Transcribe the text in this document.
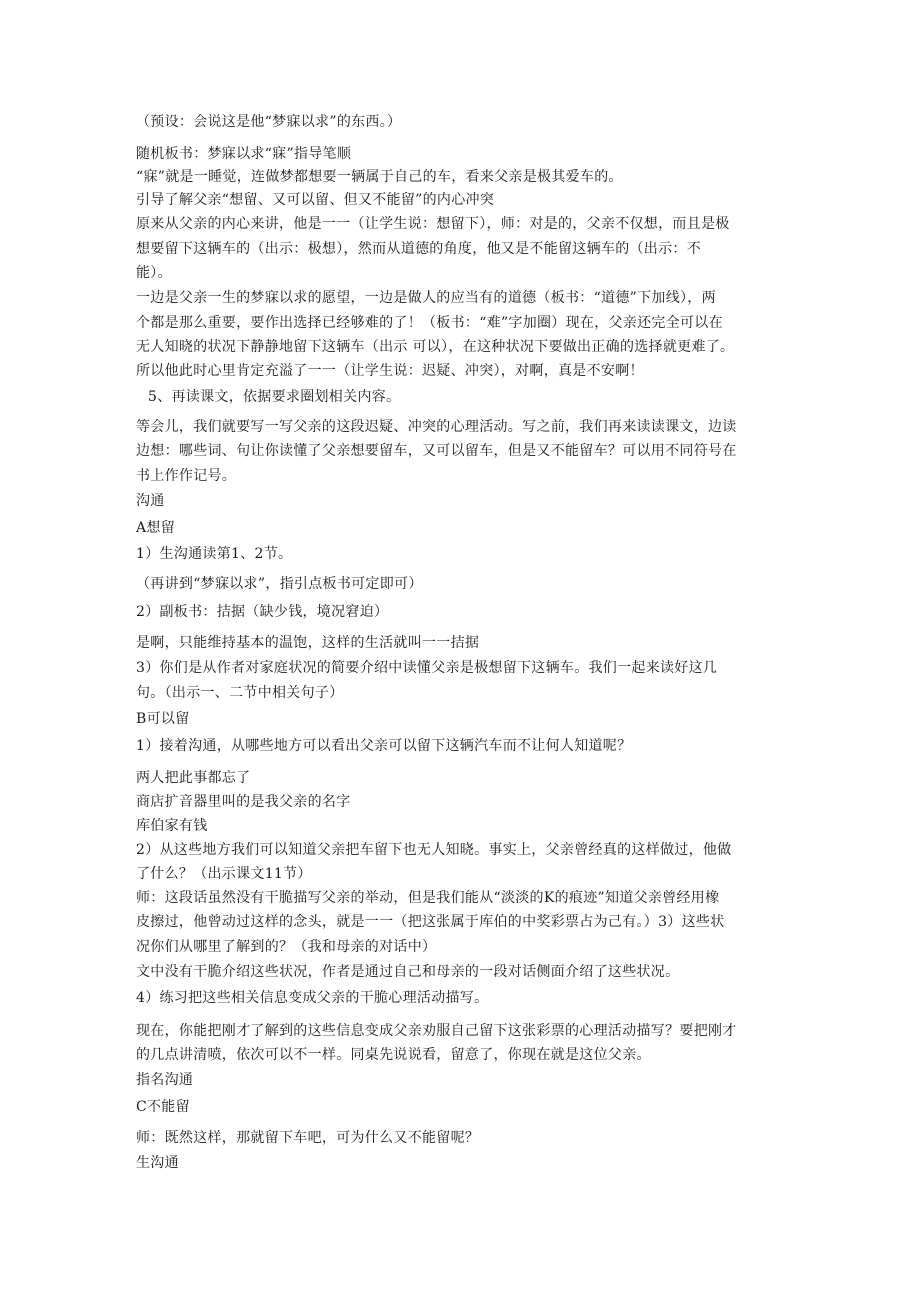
（预设：会说这是他“梦寐以求”的东西。）
随机板书：梦寐以求“寐”指导笔顺
“寐”就是一睡觉，连做梦都想要一辆属于自己的车，看来父亲是极其爱车的。
引导了解父亲“想留、又可以留、但又不能留”的内心冲突
原来从父亲的内心来讲，他是一一（让学生说：想留下），师：对是的，父亲不仅想，而且是极
想要留下这辆车的（出示：极想），然而从道德的角度，他又是不能留这辆车的（出示：不
能）。
一边是父亲一生的梦寐以求的愿望，一边是做人的应当有的道德（板书：“道德”下加线），两
个都是那么重要，要作出选择已经够难的了！（板书：“难”字加圈）现在，父亲还完全可以在
无人知晓的状况下静静地留下这辆车（出示 可以），在这种状况下要做出正确的选择就更难了。
所以他此时心里肯定充溢了一一（让学生说：迟疑、冲突），对啊，真是不安啊！
5、再读课文，依据要求圈划相关内容。
等会儿，我们就要写一写父亲的这段迟疑、冲突的心理活动。写之前，我们再来读读课文，边读
边想：哪些词、句让你读懂了父亲想要留车，又可以留车，但是又不能留车？可以用不同符号在
书上作作记号。
沟通
A想留
1）生沟通读第1、2节。
（再讲到“梦寐以求”，指引点板书可定即可）
2）副板书：拮据（缺少钱，境况窘迫）
是啊，只能维持基本的温饱，这样的生活就叫一一拮据
3）你们是从作者对家庭状况的简要介绍中读懂父亲是极想留下这辆车。我们一起来读好这几
句。（出示一、二节中相关句子）
B可以留
1）接着沟通，从哪些地方可以看出父亲可以留下这辆汽车而不让何人知道呢？
两人把此事都忘了
商店扩音器里叫的是我父亲的名字
库伯家有钱
2）从这些地方我们可以知道父亲把车留下也无人知晓。事实上，父亲曾经真的这样做过，他做
了什么？（出示课文11节）
师：这段话虽然没有干脆描写父亲的举动，但是我们能从“淡淡的K的痕迹”知道父亲曾经用橡
皮擦过，他曾动过这样的念头，就是一一（把这张属于库伯的中奖彩票占为己有。）3）这些状
况你们从哪里了解到的？（我和母亲的对话中）
文中没有干脆介绍这些状况，作者是通过自己和母亲的一段对话侧面介绍了这些状况。
4）练习把这些相关信息变成父亲的干脆心理活动描写。
现在，你能把刚才了解到的这些信息变成父亲劝服自己留下这张彩票的心理活动描写？要把刚才
的几点讲清喷，依次可以不一样。同桌先说说看，留意了，你现在就是这位父亲。
指名沟通
C不能留
师：既然这样，那就留下车吧，可为什么又不能留呢？
生沟通
